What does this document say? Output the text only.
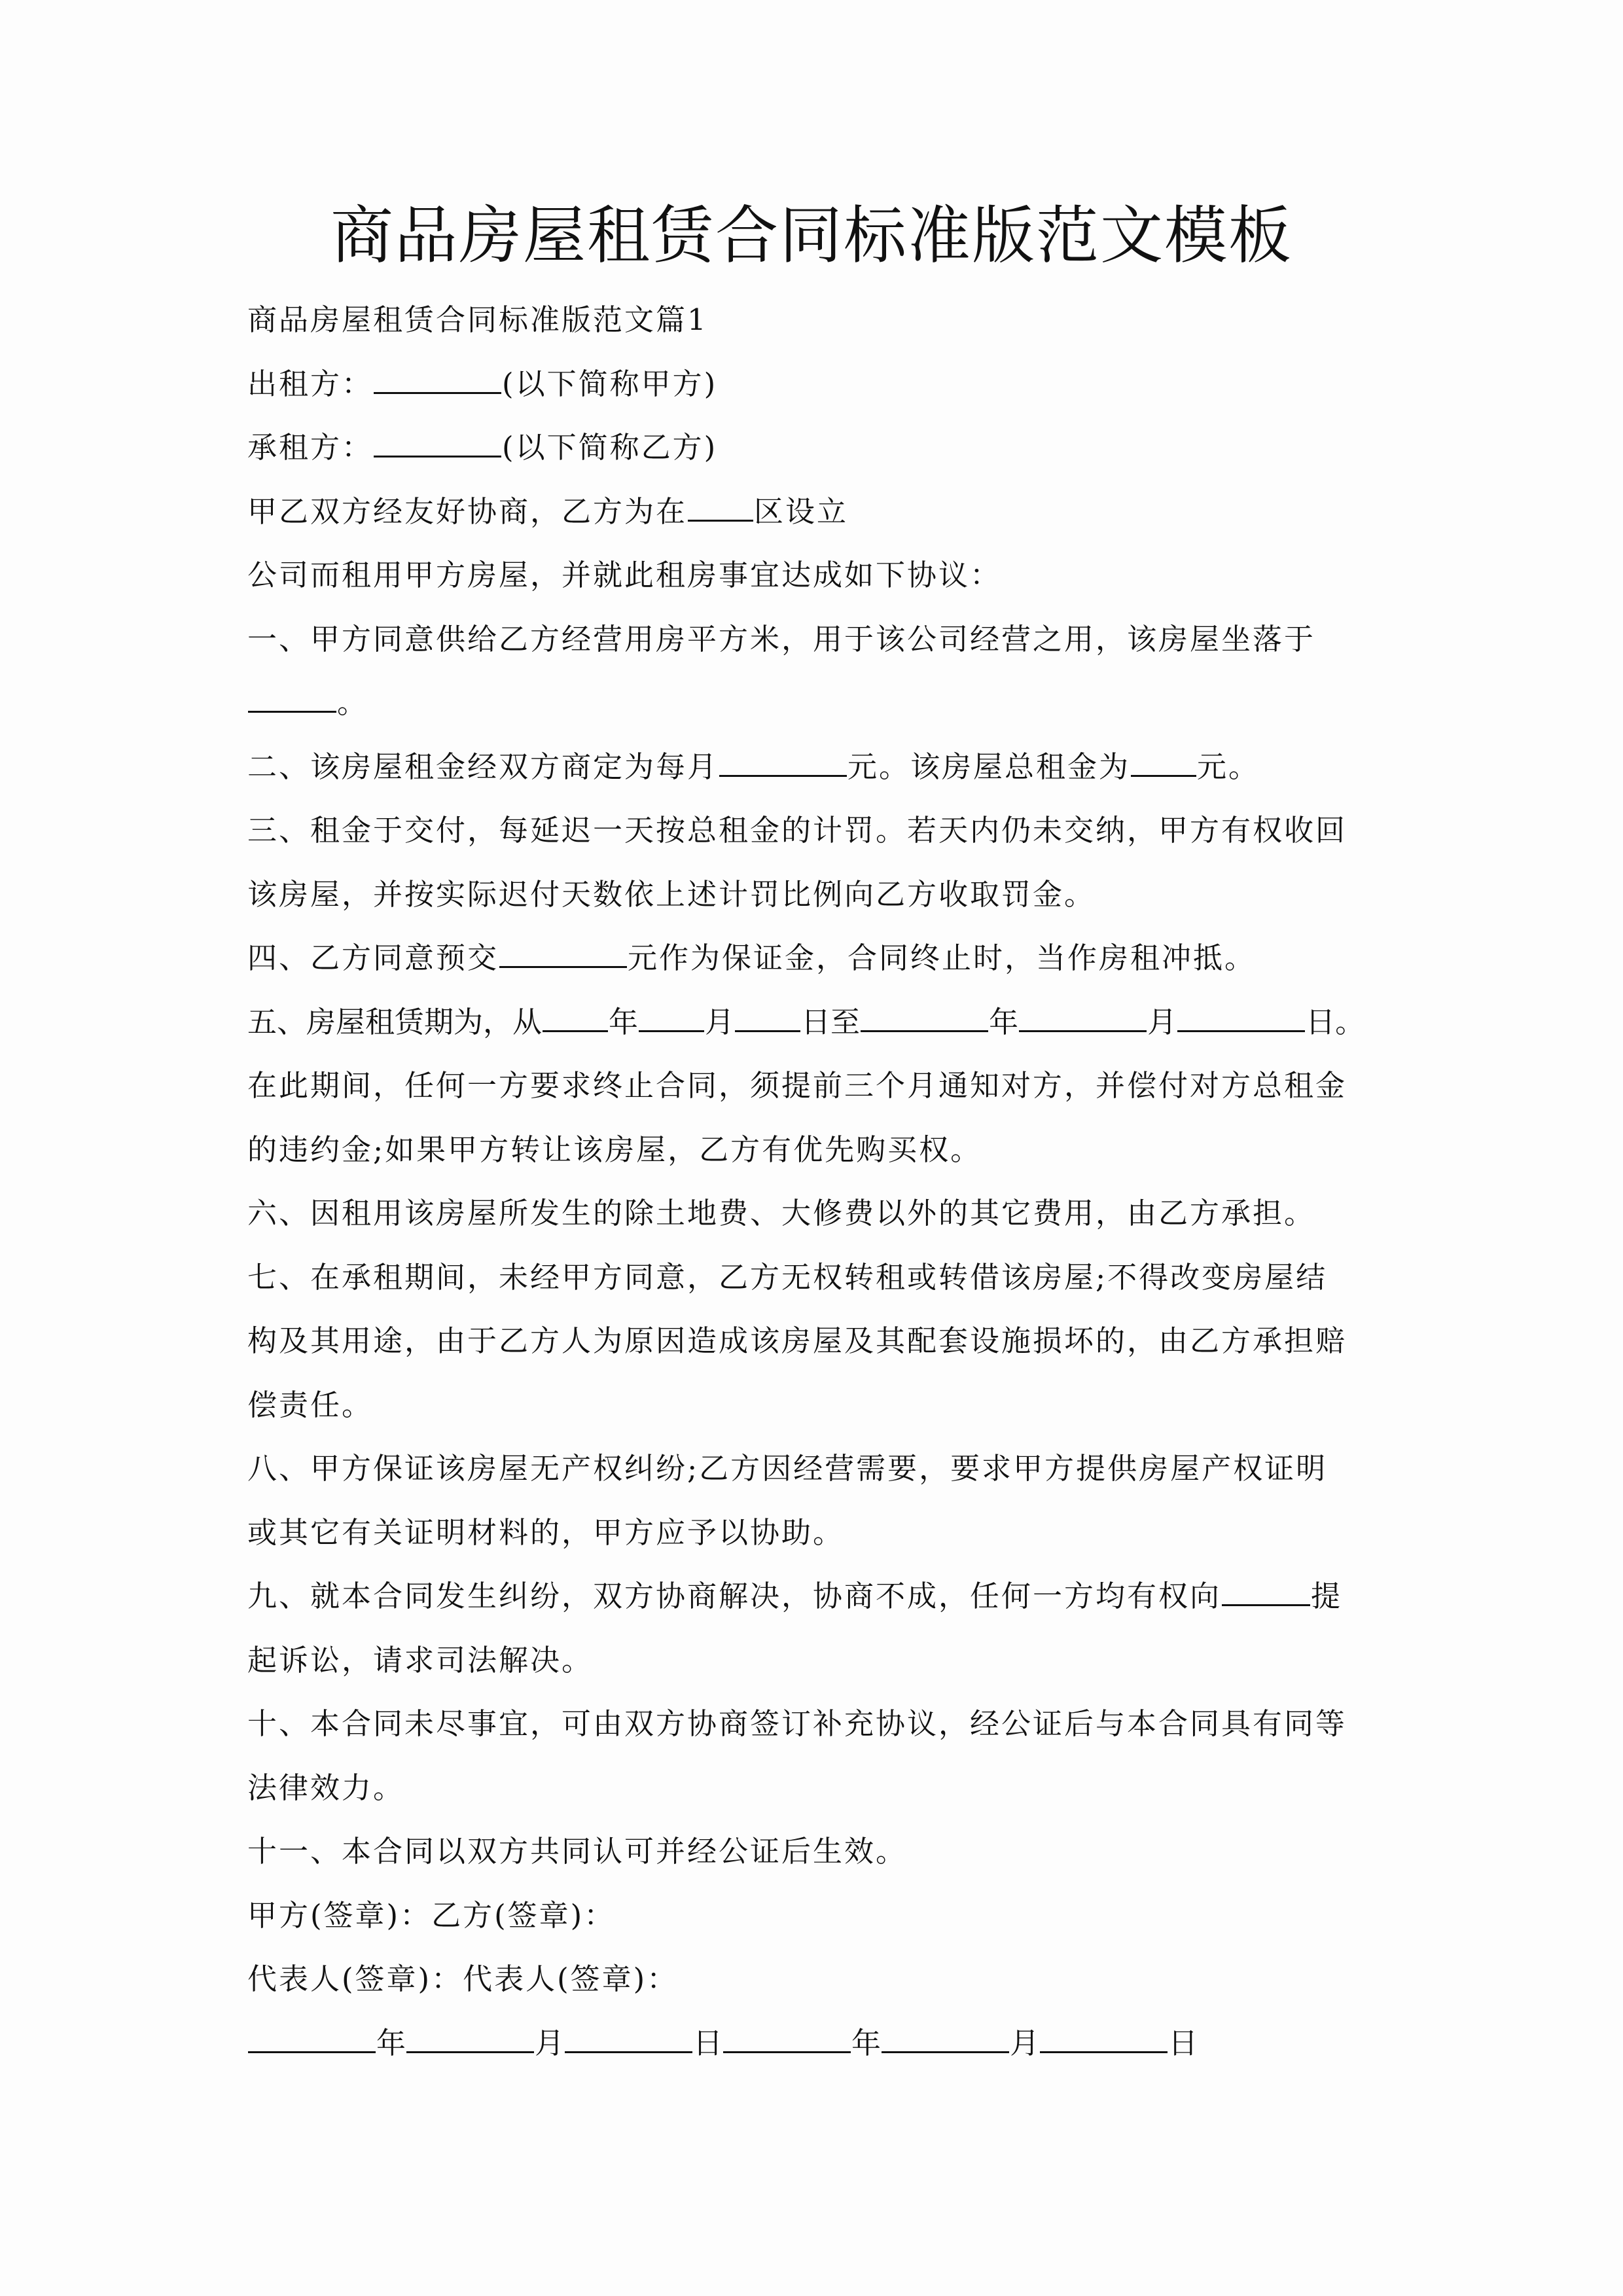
商品房屋租赁合同标准版范文模板
商品房屋租赁合同标准版范文篇1
出租方：	(以下简称甲方)
承租方：	(以下简称乙方)
甲乙双方经友好协商，乙方为在 区设立
公司而租用甲方房屋，并就此租房事宜达成如下协议：
一、甲方同意供给乙方经营用房平方米，用于该公司经营之用，该房屋坐落于
。
二、该房屋租金经双方商定为每月	元。该房屋总租金为 元。
三、租金于交付，每延迟一天按总租金的计罚。若天内仍未交纳，甲方有权收回
该房屋，并按实际迟付天数依上述计罚比例向乙方收取罚金。
四、乙方同意预交	元作为保证金，合同终止时，当作房租冲抵。
五、房屋租赁期为，从 年 月 日至	年	月	日。
在此期间，任何一方要求终止合同，须提前三个月通知对方，并偿付对方总租金
的违约金;如果甲方转让该房屋，乙方有优先购买权。
六、因租用该房屋所发生的除土地费、大修费以外的其它费用，由乙方承担。
七、在承租期间，未经甲方同意，乙方无权转租或转借该房屋;不得改变房屋结
构及其用途，由于乙方人为原因造成该房屋及其配套设施损坏的，由乙方承担赔
偿责任。
八、甲方保证该房屋无产权纠纷;乙方因经营需要，要求甲方提供房屋产权证明
或其它有关证明材料的，甲方应予以协助。
九、就本合同发生纠纷，双方协商解决，协商不成，任何一方均有权向	提
起诉讼，请求司法解决。
十、本合同未尽事宜，可由双方协商签订补充协议，经公证后与本合同具有同等
法律效力。
十一、本合同以双方共同认可并经公证后生效。
甲方(签章)：乙方(签章)：
代表人(签章)：代表人(签章)：
年	月	日	年	月	日
